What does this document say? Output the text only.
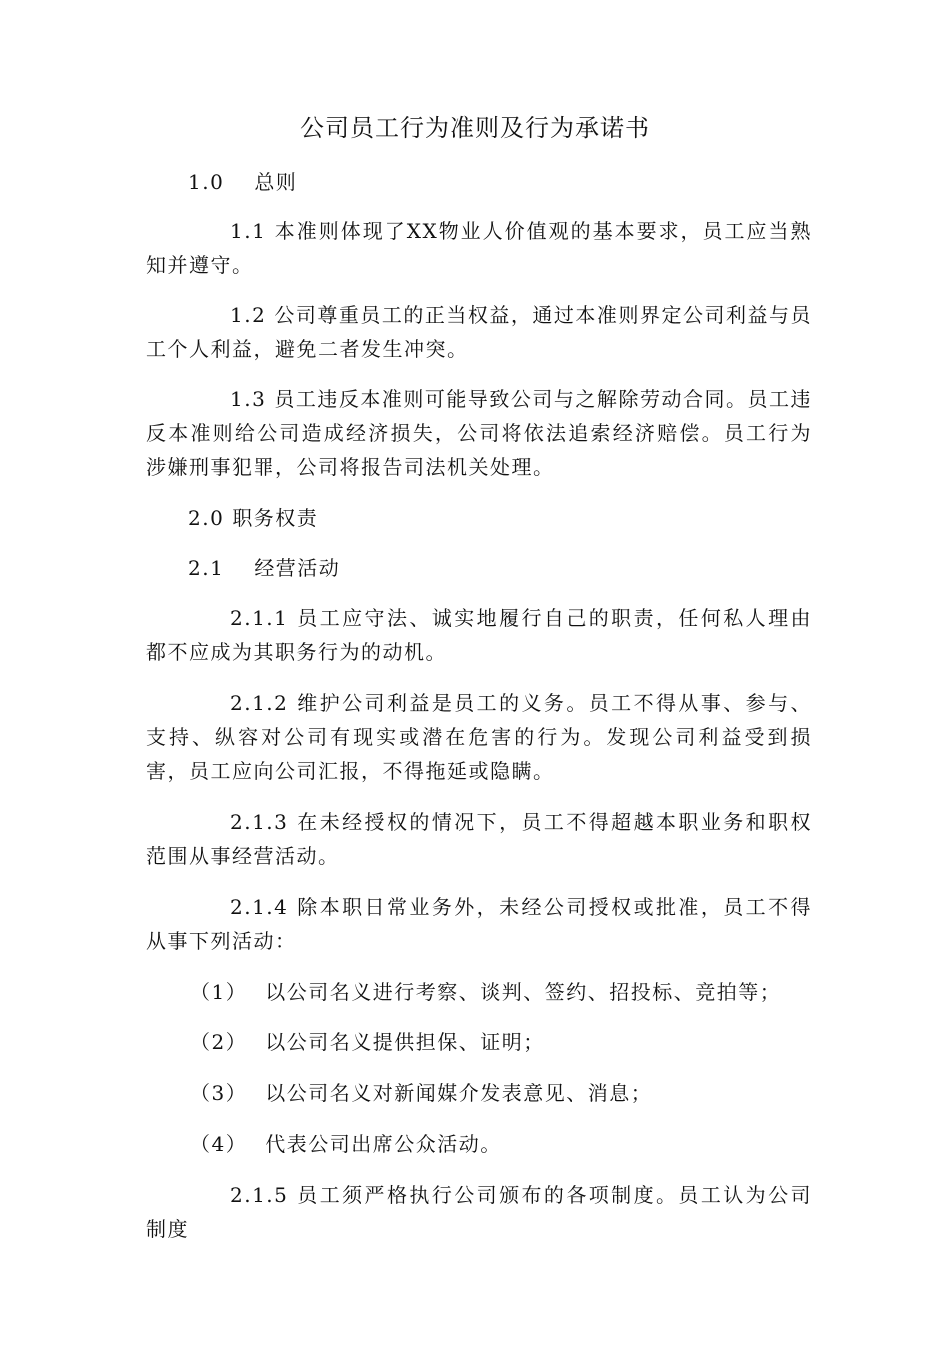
公司员工行为准则及行为承诺书
1.0 总则

1.1 本准则体现了XX物业人价值观的基本要求，员工应当熟知并遵守。

1.2 公司尊重员工的正当权益，通过本准则界定公司利益与员工个人利益，避免二者发生冲突。

1.3 员工违反本准则可能导致公司与之解除劳动合同。员工违反本准则给公司造成经济损失，公司将依法追索经济赔偿。员工行为涉嫌刑事犯罪，公司将报告司法机关处理。

2.0 职务权责
2.1 经营活动

2.1.1 员工应守法、诚实地履行自己的职责，任何私人理由都不应成为其职务行为的动机。

2.1.2 维护公司利益是员工的义务。员工不得从事、参与、支持、纵容对公司有现实或潜在危害的行为。发现公司利益受到损害，员工应向公司汇报，不得拖延或隐瞒。

2.1.3 在未经授权的情况下，员工不得超越本职业务和职权范围从事经营活动。

2.1.4 除本职日常业务外，未经公司授权或批准，员工不得从事下列活动：

（1） 以公司名义进行考察、谈判、签约、招投标、竞拍等；
（2） 以公司名义提供担保、证明；
（3） 以公司名义对新闻媒介发表意见、消息；
（4） 代表公司出席公众活动。

2.1.5 员工须严格执行公司颁布的各项制度。员工认为公司制度
